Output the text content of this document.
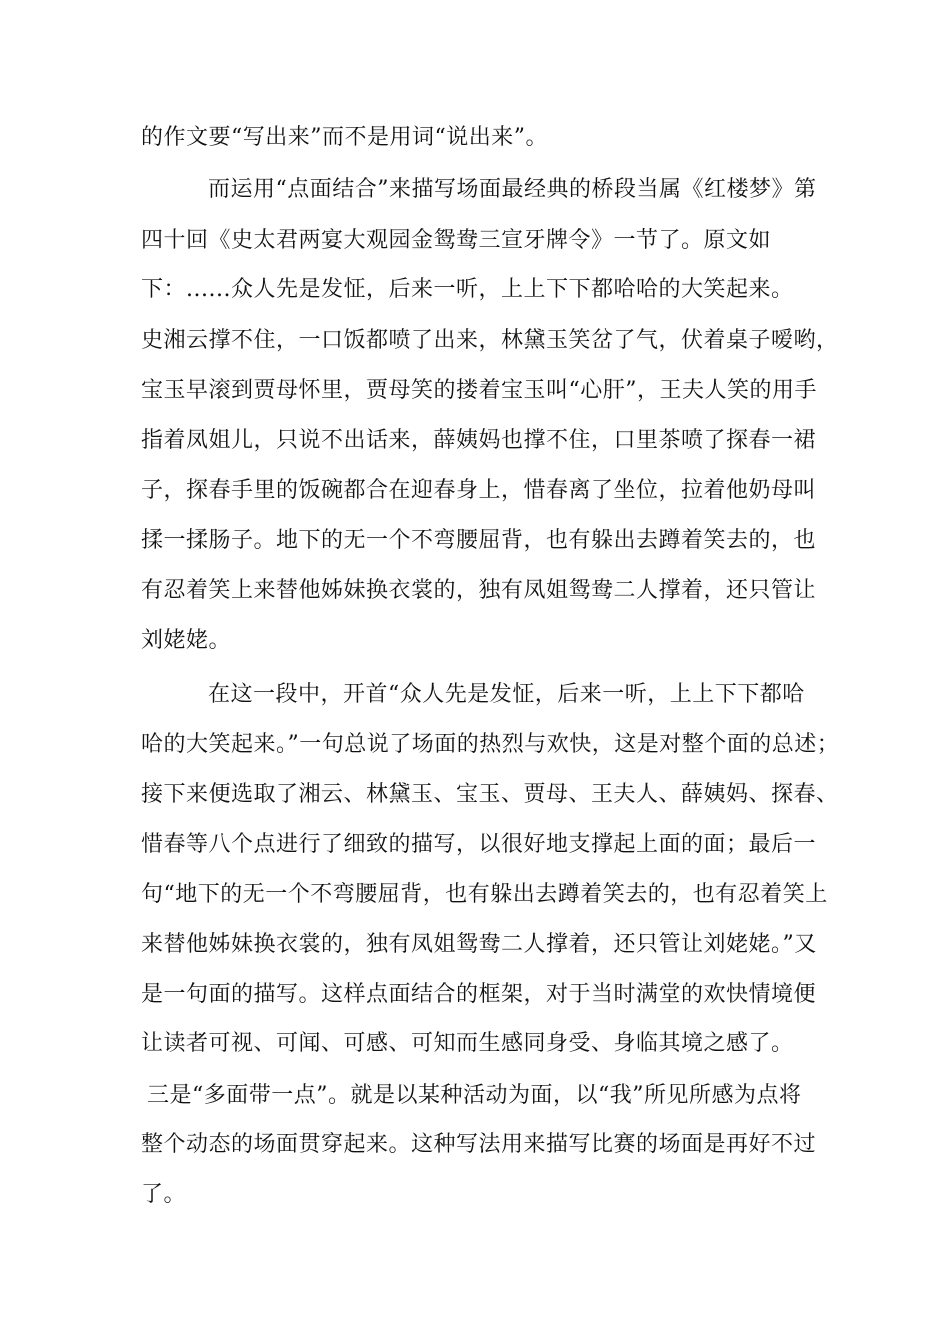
的作文要“写出来”而不是用词“说出来”。
而运用“点面结合”来描写场面最经典的桥段当属《红楼梦》第
四十回《史太君两宴大观园金鸳鸯三宣牙牌令》一节了。原文如
下：......众人先是发怔，后来一听，上上下下都哈哈的大笑起来。
史湘云撑不住，一口饭都喷了出来，林黛玉笑岔了气，伏着桌子嗳哟，
宝玉早滚到贾母怀里，贾母笑的搂着宝玉叫“心肝”，王夫人笑的用手
指着凤姐儿，只说不出话来，薛姨妈也撑不住，口里茶喷了探春一裙
子，探春手里的饭碗都合在迎春身上，惜春离了坐位，拉着他奶母叫
揉一揉肠子。地下的无一个不弯腰屈背，也有躲出去蹲着笑去的，也
有忍着笑上来替他姊妹换衣裳的，独有凤姐鸳鸯二人撑着，还只管让
刘姥姥。
在这一段中，开首“众人先是发怔，后来一听，上上下下都哈
哈的大笑起来。”一句总说了场面的热烈与欢快，这是对整个面的总述；
接下来便选取了湘云、林黛玉、宝玉、贾母、王夫人、薛姨妈、探春、
惜春等八个点进行了细致的描写，以很好地支撑起上面的面；最后一
句“地下的无一个不弯腰屈背，也有躲出去蹲着笑去的，也有忍着笑上
来替他姊妹换衣裳的，独有凤姐鸳鸯二人撑着，还只管让刘姥姥。”又
是一句面的描写。这样点面结合的框架，对于当时满堂的欢快情境便
让读者可视、可闻、可感、可知而生感同身受、身临其境之感了。
三是“多面带一点”。就是以某种活动为面，以“我”所见所感为点将
整个动态的场面贯穿起来。这种写法用来描写比赛的场面是再好不过
了。
